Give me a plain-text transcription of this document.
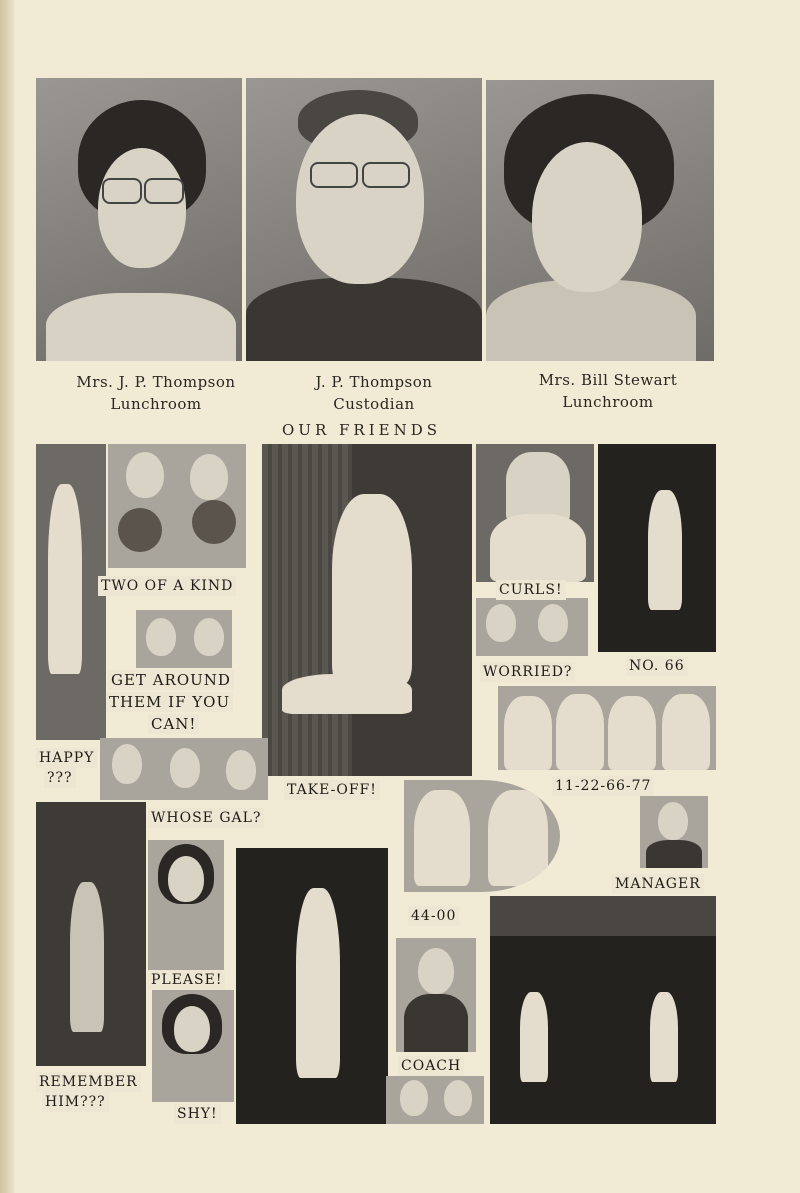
Mrs. J. P. Thompson
Lunchroom
J. P. Thompson
Custodian
Mrs. Bill Stewart
Lunchroom
OUR FRIENDS
TWO OF A KIND
GET AROUND
THEM IF YOU
CAN!
HAPPY
???
TAKE-OFF!
CURLS!
WORRIED?	NO. 66
11-22-66-77
WHOSE GAL?
MANAGER
44-00
PLEASE!
COACH
REMEMBER
HIM???
SHY!
